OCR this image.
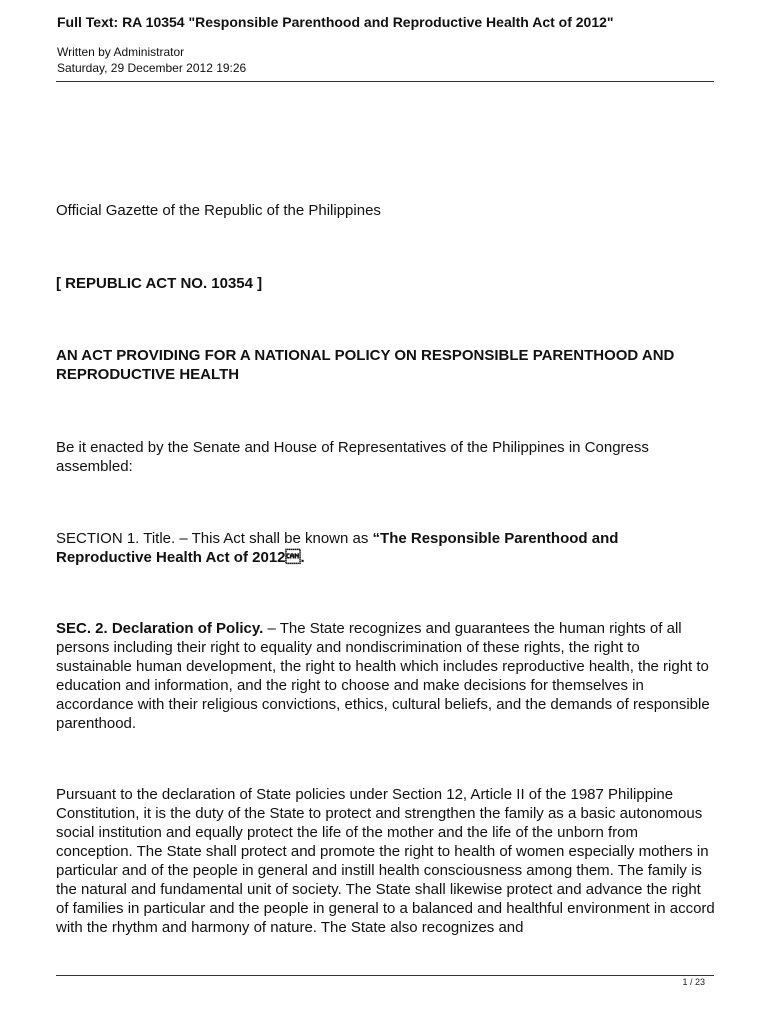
Full Text: RA 10354 "Responsible Parenthood and Reproductive Health Act of 2012"

Written by Administrator
Saturday, 29 December 2012 19:26

Official Gazette of the Republic of the Philippines

[ REPUBLIC ACT NO. 10354 ]

AN ACT PROVIDING FOR A NATIONAL POLICY ON RESPONSIBLE PARENTHOOD AND REPRODUCTIVE HEALTH

Be it enacted by the Senate and House of Representatives of the Philippines in Congress assembled:

SECTION 1. Title. – This Act shall be known as “The Responsible Parenthood and Reproductive Health Act of 2012.

SEC. 2. Declaration of Policy. – The State recognizes and guarantees the human rights of all persons including their right to equality and nondiscrimination of these rights, the right to sustainable human development, the right to health which includes reproductive health, the right to education and information, and the right to choose and make decisions for themselves in accordance with their religious convictions, ethics, cultural beliefs, and the demands of responsible parenthood.

Pursuant to the declaration of State policies under Section 12, Article II of the 1987 Philippine Constitution, it is the duty of the State to protect and strengthen the family as a basic autonomous social institution and equally protect the life of the mother and the life of the unborn from conception. The State shall protect and promote the right to health of women especially mothers in particular and of the people in general and instill health consciousness among them. The family is the natural and fundamental unit of society. The State shall likewise protect and advance the right of families in particular and the people in general to a balanced and healthful environment in accord with the rhythm and harmony of nature. The State also recognizes and

1 / 23
